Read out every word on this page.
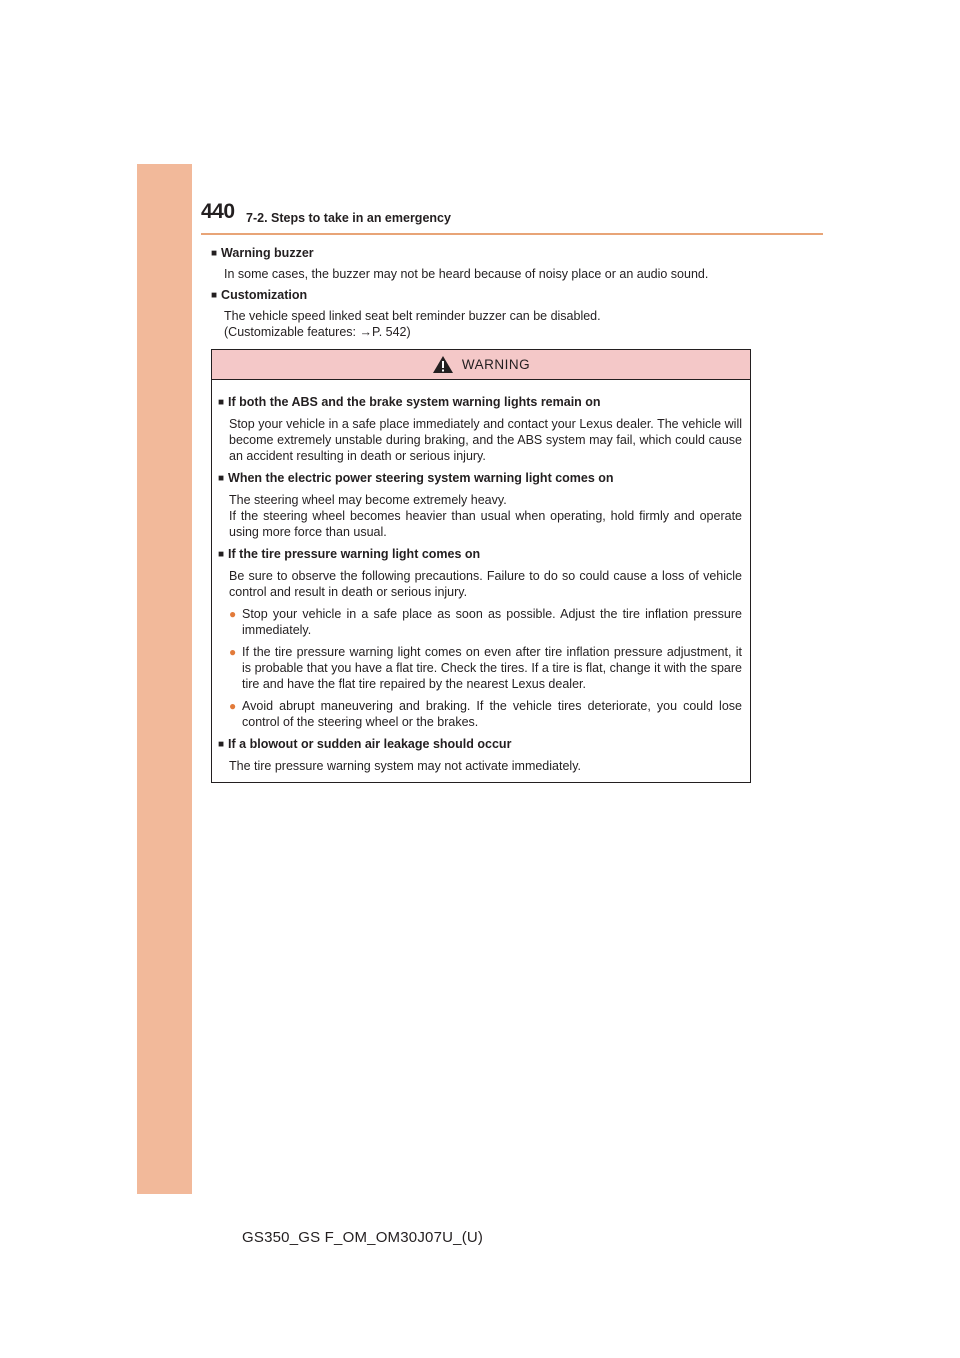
440 7-2. Steps to take in an emergency

■ Warning buzzer

In some cases, the buzzer may not be heard because of noisy place or an audio sound.

■ Customization

The vehicle speed linked seat belt reminder buzzer can be disabled.
(Customizable features: →P. 542)

WARNING

■ If both the ABS and the brake system warning lights remain on

Stop your vehicle in a safe place immediately and contact your Lexus dealer. The vehicle will become extremely unstable during braking, and the ABS system may fail, which could cause an accident resulting in death or serious injury.

■ When the electric power steering system warning light comes on

The steering wheel may become extremely heavy.
If the steering wheel becomes heavier than usual when operating, hold firmly and operate using more force than usual.

■ If the tire pressure warning light comes on

Be sure to observe the following precautions. Failure to do so could cause a loss of vehicle control and result in death or serious injury.

● Stop your vehicle in a safe place as soon as possible. Adjust the tire inflation pressure immediately.
● If the tire pressure warning light comes on even after tire inflation pressure adjustment, it is probable that you have a flat tire. Check the tires. If a tire is flat, change it with the spare tire and have the flat tire repaired by the nearest Lexus dealer.
● Avoid abrupt maneuvering and braking. If the vehicle tires deteriorate, you could lose control of the steering wheel or the brakes.

■ If a blowout or sudden air leakage should occur

The tire pressure warning system may not activate immediately.

GS350_GS F_OM_OM30J07U_(U)
